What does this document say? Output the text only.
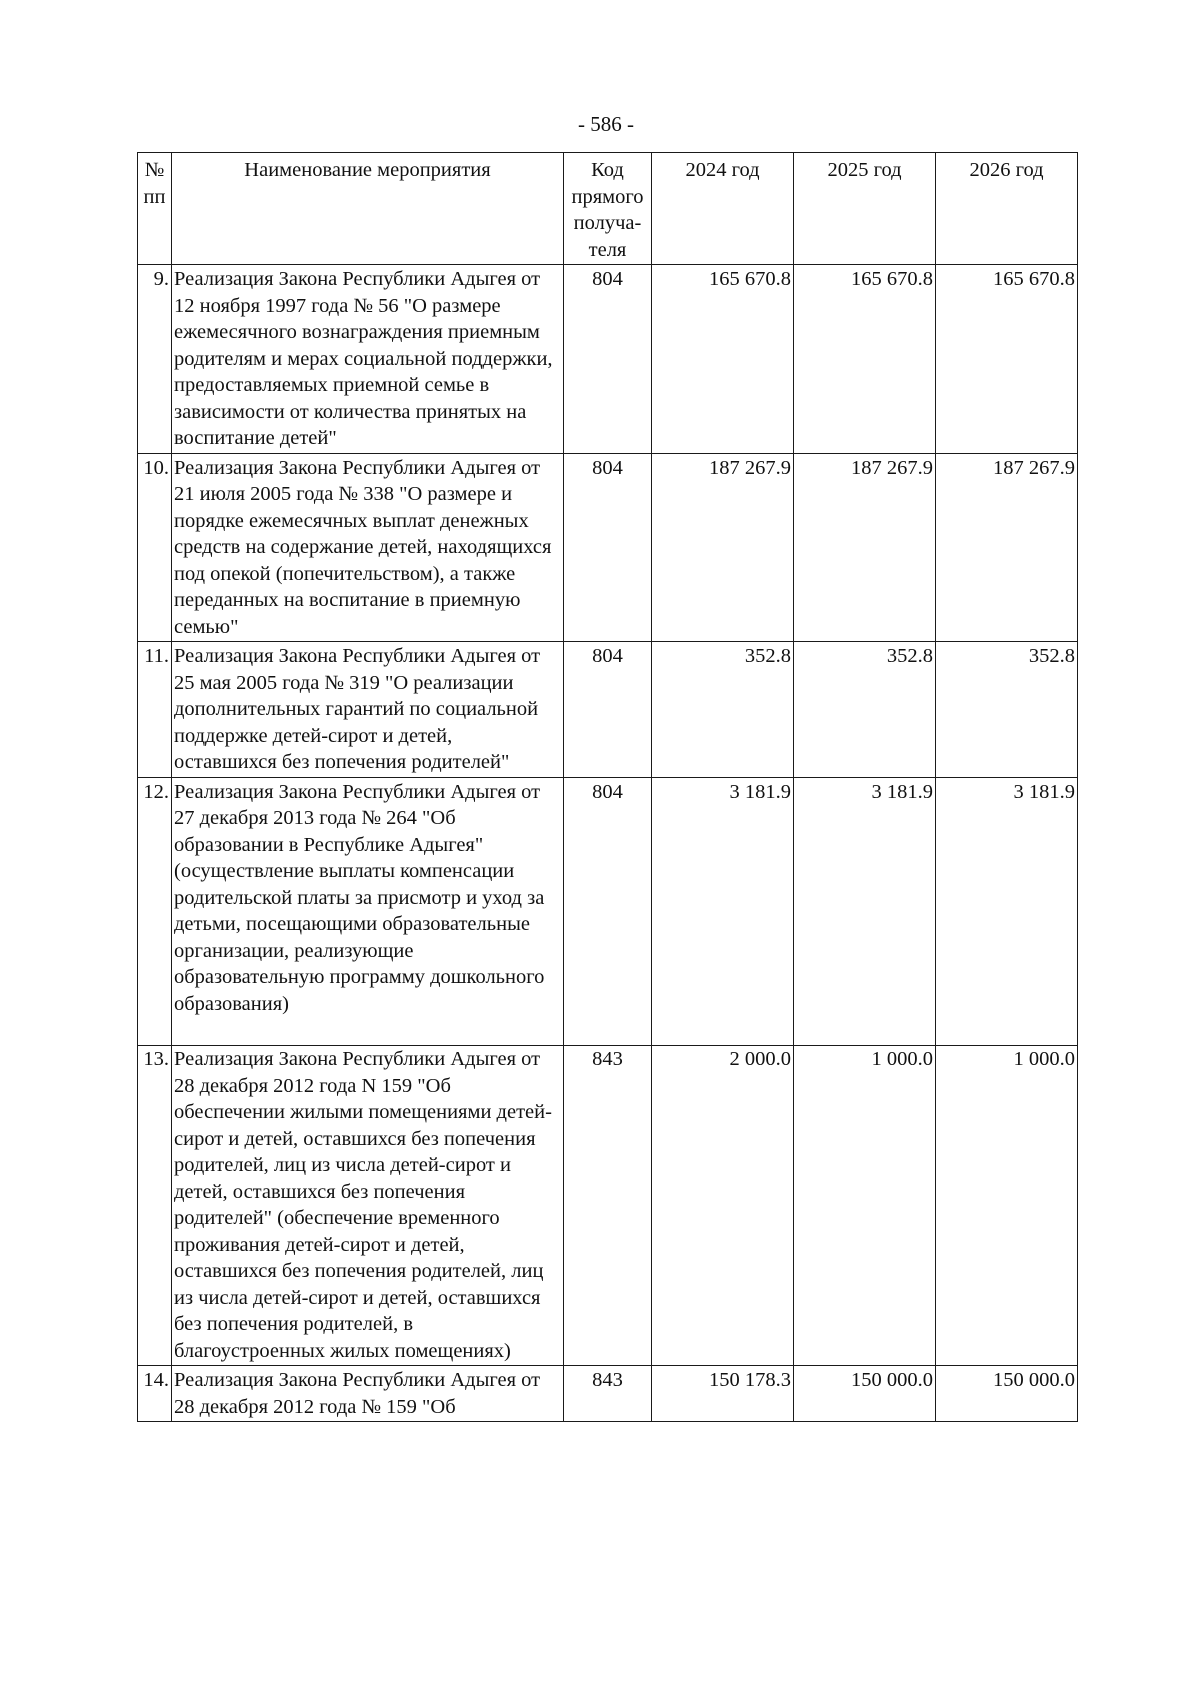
- 586 -
№ пп	Наименование мероприятия	Код прямого получа- теля	2024 год	2025 год	2026 год
9.	Реализация Закона Республики Адыгея от 12 ноября 1997 года № 56 "О размере ежемесячного вознаграждения приемным родителям и мерах социальной поддержки, предоставляемых приемной семье в зависимости от количества принятых на воспитание детей"	804	165 670.8	165 670.8	165 670.8
10.	Реализация Закона Республики Адыгея от 21 июля 2005 года № 338 "О размере и порядке ежемесячных выплат денежных средств на содержание детей, находящихся под опекой (попечительством), а также переданных на воспитание в приемную семью"	804	187 267.9	187 267.9	187 267.9
11.	Реализация Закона Республики Адыгея от 25 мая 2005 года № 319 "О реализации дополнительных гарантий по социальной поддержке детей-сирот и детей, оставшихся без попечения родителей"	804	352.8	352.8	352.8
12.	Реализация Закона Республики Адыгея от 27 декабря 2013 года № 264 "Об образовании в Республике Адыгея" (осуществление выплаты компенсации родительской платы за присмотр и уход за детьми, посещающими образовательные организации, реализующие образовательную программу дошкольного образования)	804	3 181.9	3 181.9	3 181.9
13.	Реализация Закона Республики Адыгея от 28 декабря 2012 года N 159 "Об обеспечении жилыми помещениями детей-сирот и детей, оставшихся без попечения родителей, лиц из числа детей-сирот и детей, оставшихся без попечения родителей" (обеспечение временного проживания детей-сирот и детей, оставшихся без попечения родителей, лиц из числа детей-сирот и детей, оставшихся без попечения родителей, в благоустроенных жилых помещениях)	843	2 000.0	1 000.0	1 000.0
14.	Реализация Закона Республики Адыгея от 28 декабря 2012 года № 159 "Об	843	150 178.3	150 000.0	150 000.0
